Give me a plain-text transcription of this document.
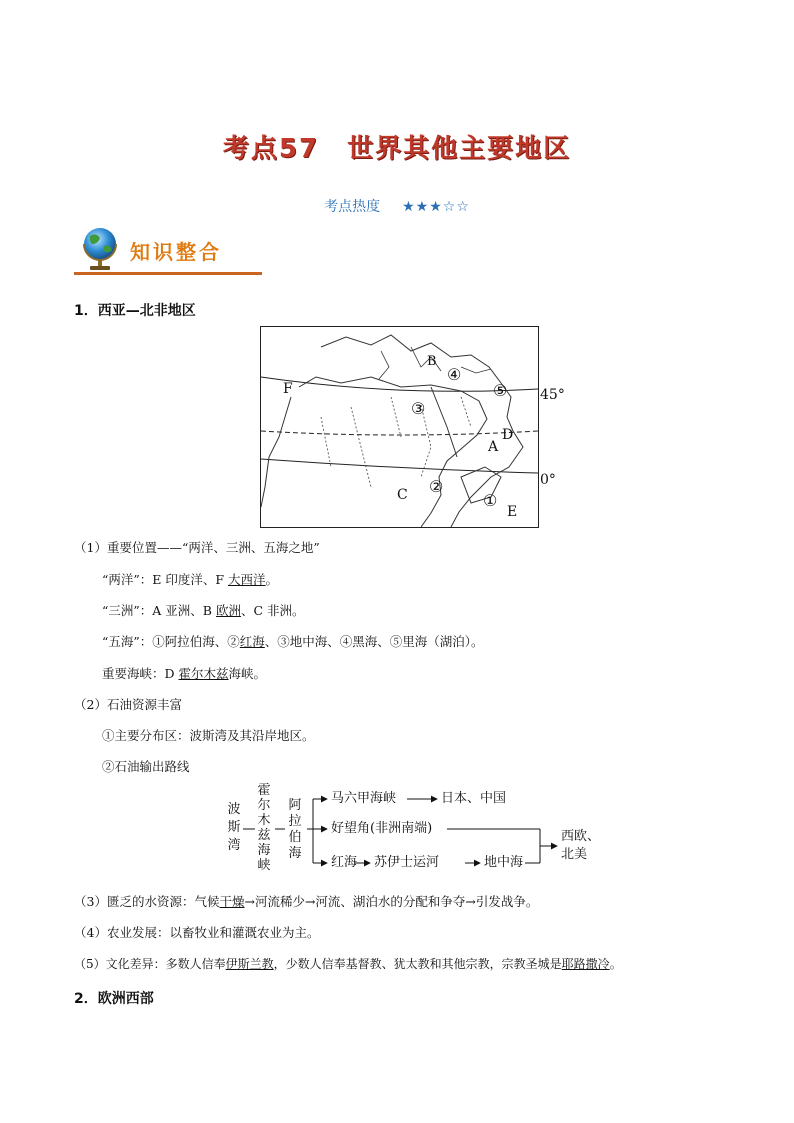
考点57　世界其他主要地区
考点热度 ★★★☆☆
知识整合
1．西亚—北非地区
F
B
A
D
C
E
③
④
⑤
②
①
45°
0°
（1）重要位置——“两洋、三洲、五海之地”
“两洋”：E 印度洋、F 大西洋。
“三洲”：A 亚洲、B 欧洲、C 非洲。
“五海”：①阿拉伯海、②红海、③地中海、④黑海、⑤里海（湖泊）。
重要海峡：D 霍尔木兹海峡。
（2）石油资源丰富
①主要分布区：波斯湾及其沿岸地区。
②石油输出路线
波
斯
湾
霍
尔
木
兹
海
峡
阿
拉
伯
海
马六甲海峡	日本、中国
好望角(非洲南端)
红海 苏伊士运河	地中海
西欧、
北美
（3）匮乏的水资源：气候干燥→河流稀少→河流、湖泊水的分配和争夺→引发战争。
（4）农业发展：以畜牧业和灌溉农业为主。
（5）文化差异：多数人信奉伊斯兰教，少数人信奉基督教、犹太教和其他宗教，宗教圣城是耶路撒冷。
2．欧洲西部
